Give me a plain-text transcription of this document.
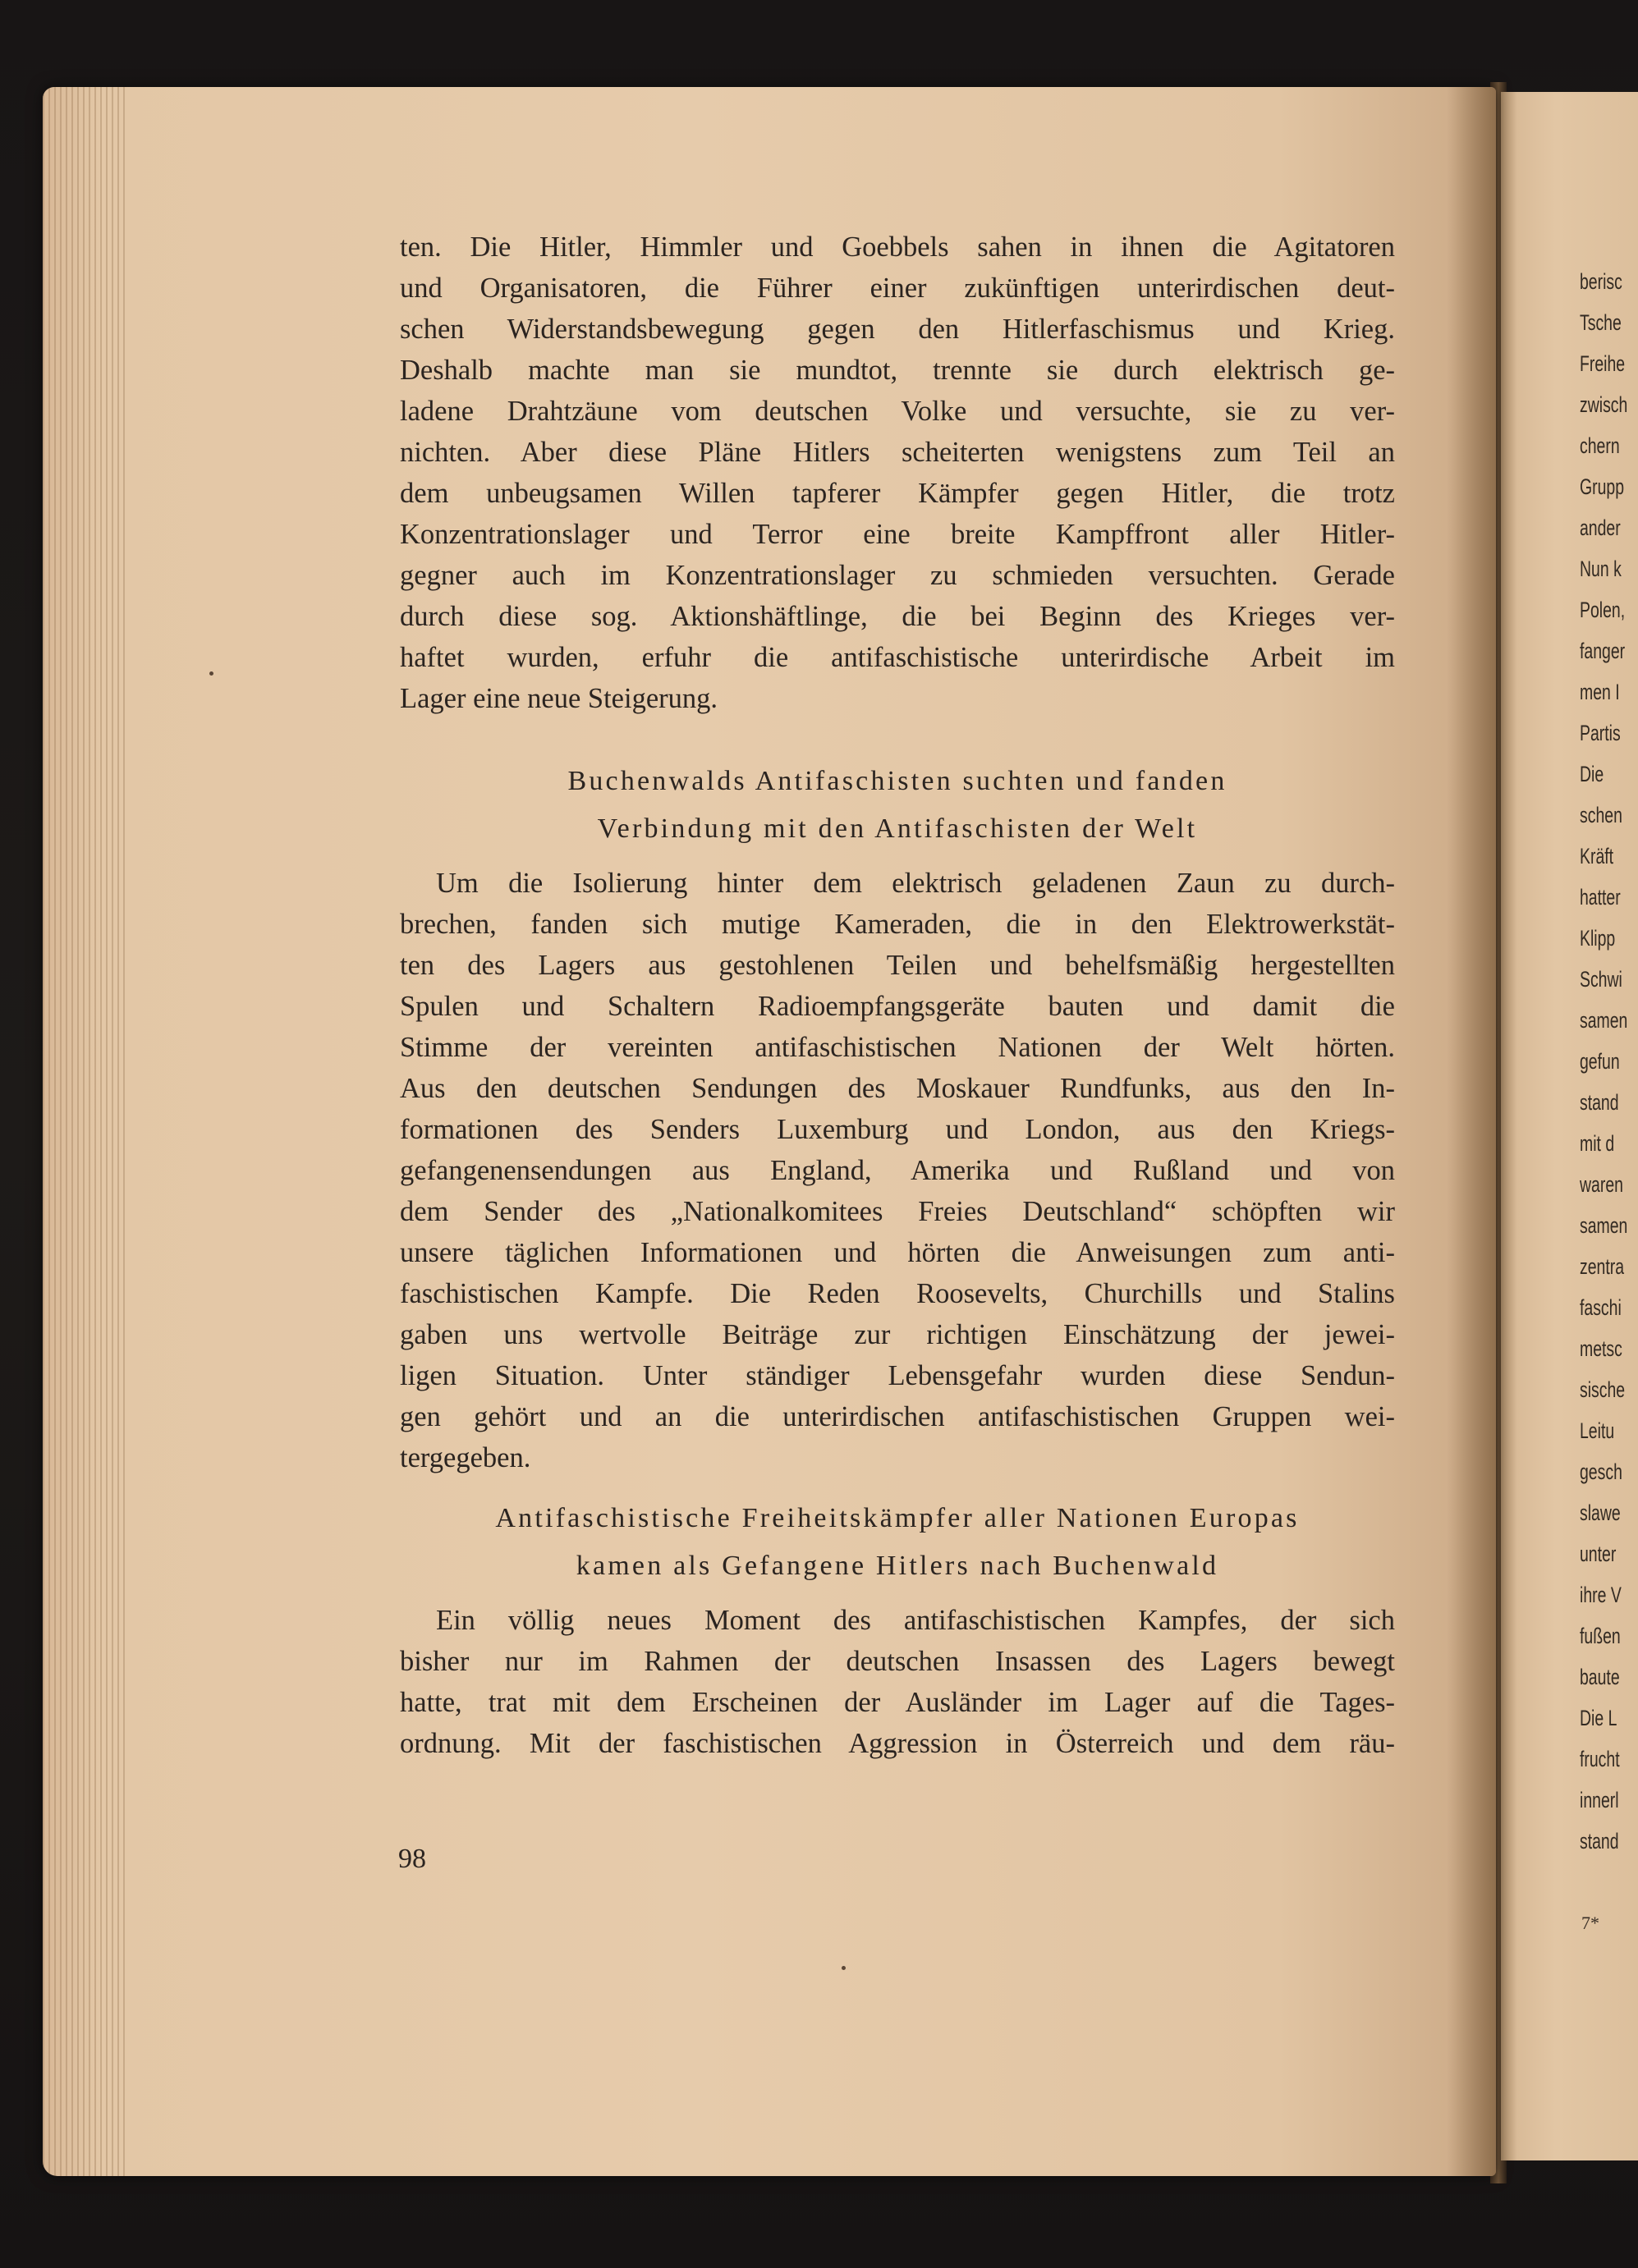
berisc
Tsche
Freihe
zwisch
chern
Grupp
ander
Nun k
Polen,
fanger
men I
Partis
Die
schen
Kräft
hatter
Klipp
Schwi
samen
gefun
stand
mit d
waren
samen
zentra
faschi
metsc
sische
Leitu
gesch
slawe
unter
ihre V
fußen
baute
Die L
frucht
innerl
stand
7*
ten. Die Hitler, Himmler und Goebbels sahen in ihnen die Agitatoren
und Organisatoren, die Führer einer zukünftigen unterirdischen deut-
schen Widerstandsbewegung gegen den Hitlerfaschismus und Krieg.
Deshalb machte man sie mundtot, trennte sie durch elektrisch ge-
ladene Drahtzäune vom deutschen Volke und versuchte, sie zu ver-
nichten. Aber diese Pläne Hitlers scheiterten wenigstens zum Teil an
dem unbeugsamen Willen tapferer Kämpfer gegen Hitler, die trotz
Konzentrationslager und Terror eine breite Kampffront aller Hitler-
gegner auch im Konzentrationslager zu schmieden versuchten. Gerade
durch diese sog. Aktionshäftlinge, die bei Beginn des Krieges ver-
haftet wurden, erfuhr die antifaschistische unterirdische Arbeit im
Lager eine neue Steigerung.
Buchenwalds Antifaschisten suchten und fanden
Verbindung mit den Antifaschisten der Welt
Um die Isolierung hinter dem elektrisch geladenen Zaun zu durch-
brechen, fanden sich mutige Kameraden, die in den Elektrowerkstät-
ten des Lagers aus gestohlenen Teilen und behelfsmäßig hergestellten
Spulen und Schaltern Radioempfangsgeräte bauten und damit die
Stimme der vereinten antifaschistischen Nationen der Welt hörten.
Aus den deutschen Sendungen des Moskauer Rundfunks, aus den In-
formationen des Senders Luxemburg und London, aus den Kriegs-
gefangenensendungen aus England, Amerika und Rußland und von
dem Sender des „Nationalkomitees Freies Deutschland“ schöpften wir
unsere täglichen Informationen und hörten die Anweisungen zum anti-
faschistischen Kampfe. Die Reden Roosevelts, Churchills und Stalins
gaben uns wertvolle Beiträge zur richtigen Einschätzung der jewei-
ligen Situation. Unter ständiger Lebensgefahr wurden diese Sendun-
gen gehört und an die unterirdischen antifaschistischen Gruppen wei-
tergegeben.
Antifaschistische Freiheitskämpfer aller Nationen Europas
kamen als Gefangene Hitlers nach Buchenwald
Ein völlig neues Moment des antifaschistischen Kampfes, der sich
bisher nur im Rahmen der deutschen Insassen des Lagers bewegt
hatte, trat mit dem Erscheinen der Ausländer im Lager auf die Tages-
ordnung. Mit der faschistischen Aggression in Österreich und dem räu-
98
